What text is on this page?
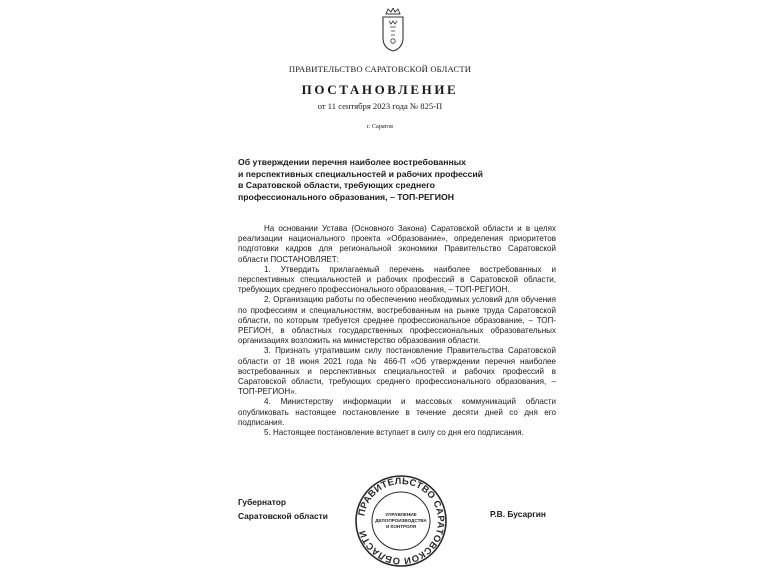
ПРАВИТЕЛЬСТВО САРАТОВСКОЙ ОБЛАСТИ
ПОСТАНОВЛЕНИЕ
от 11 сентября 2023 года № 825-П
г. Саратов
Об утверждении перечня наиболее востребованных
и перспективных специальностей и рабочих профессий
в Саратовской области, требующих среднего
профессионального образования, – ТОП-РЕГИОН

На основании Устава (Основного Закона) Саратовской области и в целях реализации национального проекта «Образование», определения приоритетов подготовки кадров для региональной экономики Правительство Саратовской области ПОСТАНОВЛЯЕТ:

1. Утвердить прилагаемый перечень наиболее востребованных и перспективных специальностей и рабочих профессий в Саратовской области, требующих среднего профессионального образования, – ТОП-РЕГИОН.

2. Организацию работы по обеспечению необходимых условий для обучения по профессиям и специальностям, востребованным на рынке труда Саратовской области, по которым требуется среднее профессиональное образование, – ТОП-РЕГИОН, в областных государственных профессиональных образовательных организациях возложить на министерство образования области.

3. Признать утратившим силу постановление Правительства Саратовской области от 18 июня 2021 года № 466-П «Об утверждении перечня наиболее востребованных и перспективных специальностей и рабочих профессий в Саратовской области, требующих среднего профессионального образования, – ТОП-РЕГИОН».

4. Министерству информации и массовых коммуникаций области опубликовать настоящее постановление в течение десяти дней со дня его подписания.

5. Настоящее постановление вступает в силу со дня его подписания.

Губернатор
Саратовской области	Р.В. Бусаргин
ПРАВИТЕЛЬСТВО САРАТОВСКОЙ ОБЛАСТИ
УПРАВЛЕНИЕ
ДЕЛОПРОИЗВОДСТВА
И КОНТРОЛЯ
